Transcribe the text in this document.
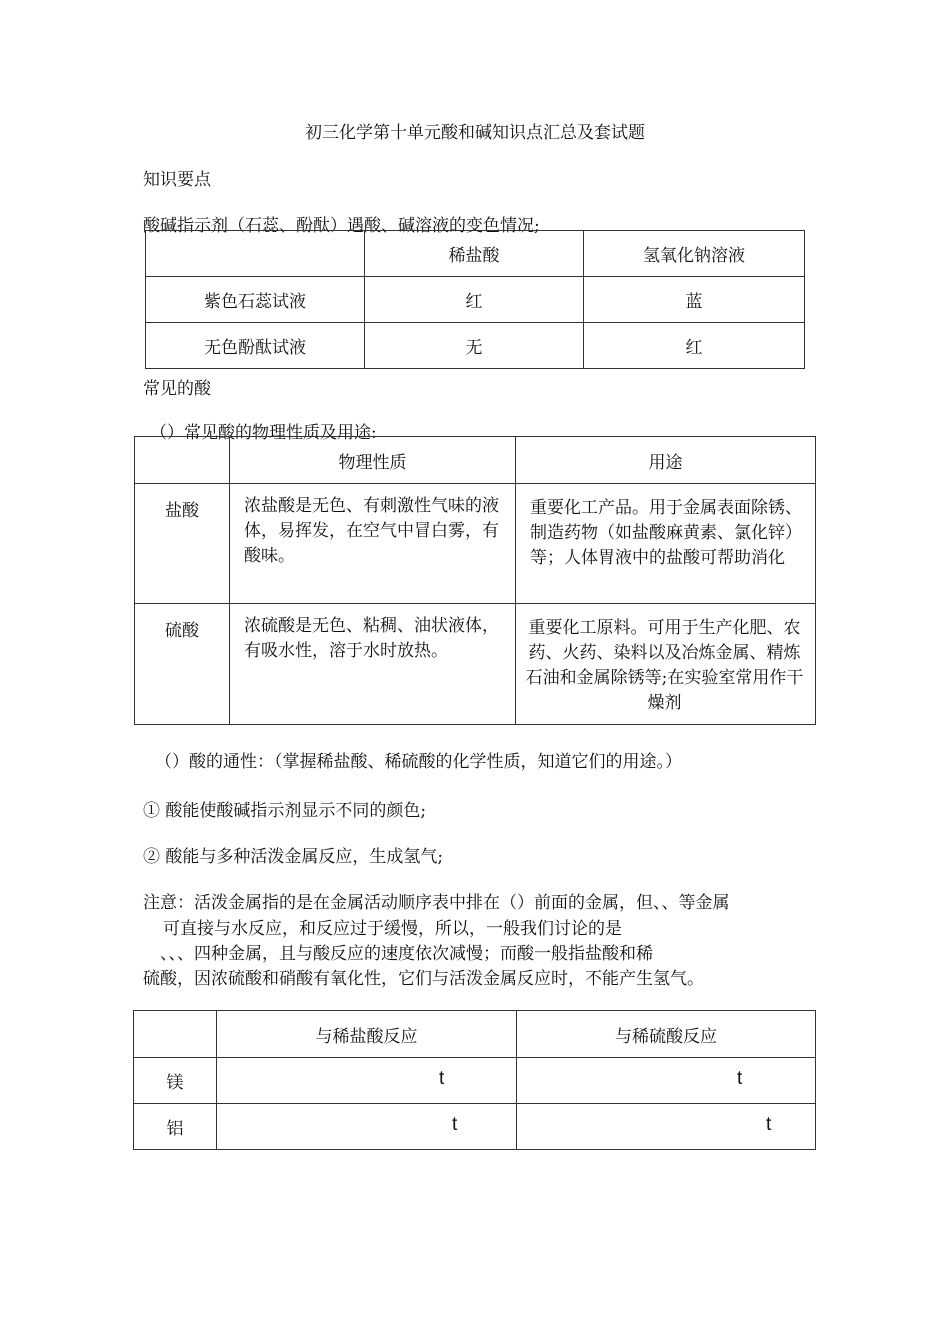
初三化学第十单元酸和碱知识点汇总及套试题
知识要点
酸碱指示剂（石蕊、酚酞）遇酸、碱溶液的变色情况;
	稀盐酸	氢氧化钠溶液
紫色石蕊试液	红	蓝
无色酚酞试液	无	红
常见的酸
（）常见酸的物理性质及用途:
	物理性质	用途
盐酸	浓盐酸是无色、有刺激性气味的液体，易挥发，在空气中冒白雾，有酸味。	重要化工产品。用于金属表面除锈、制造药物（如盐酸麻黄素、氯化锌）等；人体胃液中的盐酸可帮助消化

硫酸	浓硫酸是无色、粘稠、油状液体，有吸水性，溶于水时放热。	重要化工原料。可用于生产化肥、农药、火药、染料以及冶炼金属、精炼石油和金属除锈等;在实验室常用作干燥剂
（）酸的通性：（掌握稀盐酸、稀硫酸的化学性质，知道它们的用途。）
① 酸能使酸碱指示剂显示不同的颜色;
② 酸能与多种活泼金属反应，生成氢气;
注意：活泼金属指的是在金属活动顺序表中排在（）前面的金属，但、、等金属
可直接与水反应，和反应过于缓慢，所以，一般我们讨论的是
、、、四种金属，且与酸反应的速度依次减慢；而酸一般指盐酸和稀
硫酸，因浓硫酸和硝酸有氧化性，它们与活泼金属反应时，不能产生氢气。
	与稀盐酸反应	与稀硫酸反应
镁	t	t

铝	t	t
